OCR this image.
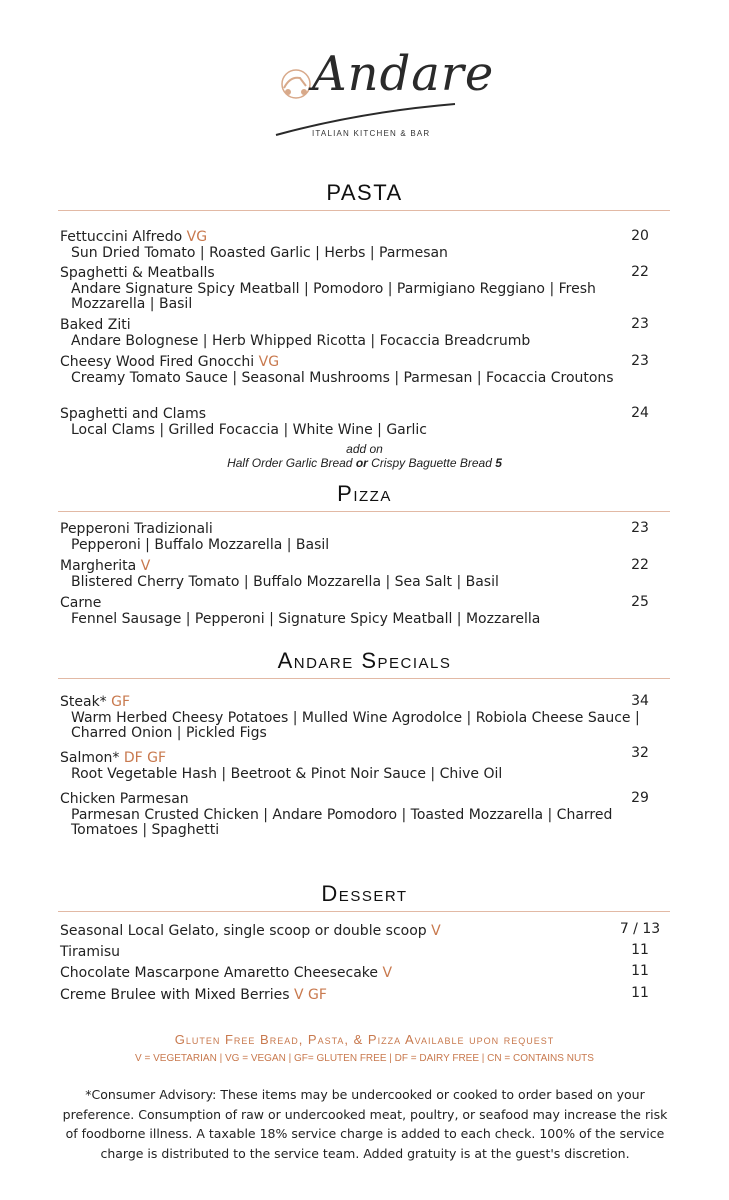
Andare
ITALIAN KITCHEN & BAR
PASTA
Fettuccini Alfredo VG
Sun Dried Tomato | Roasted Garlic | Herbs | Parmesan
20
Spaghetti & Meatballs
Andare Signature Spicy Meatball | Pomodoro | Parmigiano Reggiano | Fresh Mozzarella | Basil
22
Baked Ziti
Andare Bolognese | Herb Whipped Ricotta | Focaccia Breadcrumb
23
Cheesy Wood Fired Gnocchi VG
Creamy Tomato Sauce | Seasonal Mushrooms | Parmesan | Focaccia Croutons
23
Spaghetti and Clams
Local Clams | Grilled Focaccia | White Wine | Garlic
24
add on
Half Order Garlic Bread or Crispy Baguette Bread 5
Pizza
Pepperoni Tradizionali
Pepperoni | Buffalo Mozzarella | Basil
23
Margherita V
Blistered Cherry Tomato | Buffalo Mozzarella | Sea Salt | Basil
22
Carne
Fennel Sausage | Pepperoni | Signature Spicy Meatball | Mozzarella
25
Andare Specials
Steak* GF
Warm Herbed Cheesy Potatoes | Mulled Wine Agrodolce | Robiola Cheese Sauce | Charred Onion | Pickled Figs
34
Salmon* DF GF
Root Vegetable Hash | Beetroot & Pinot Noir Sauce | Chive Oil
32
Chicken Parmesan
Parmesan Crusted Chicken | Andare Pomodoro | Toasted Mozzarella | Charred Tomatoes | Spaghetti
29
Dessert
Seasonal Local Gelato, single scoop or double scoop V	7 / 13
Tiramisu	11
Chocolate Mascarpone Amaretto Cheesecake V	11
Creme Brulee with Mixed Berries V GF	11
Gluten Free Bread, Pasta, & Pizza Available upon request
V = VEGETARIAN | VG = VEGAN | GF= GLUTEN FREE | DF = DAIRY FREE | CN = CONTAINS NUTS
*Consumer Advisory: These items may be undercooked or cooked to order based on your preference. Consumption of raw or undercooked meat, poultry, or seafood may increase the risk of foodborne illness. A taxable 18% service charge is added to each check. 100% of the service charge is distributed to the service team. Added gratuity is at the guest's discretion.
